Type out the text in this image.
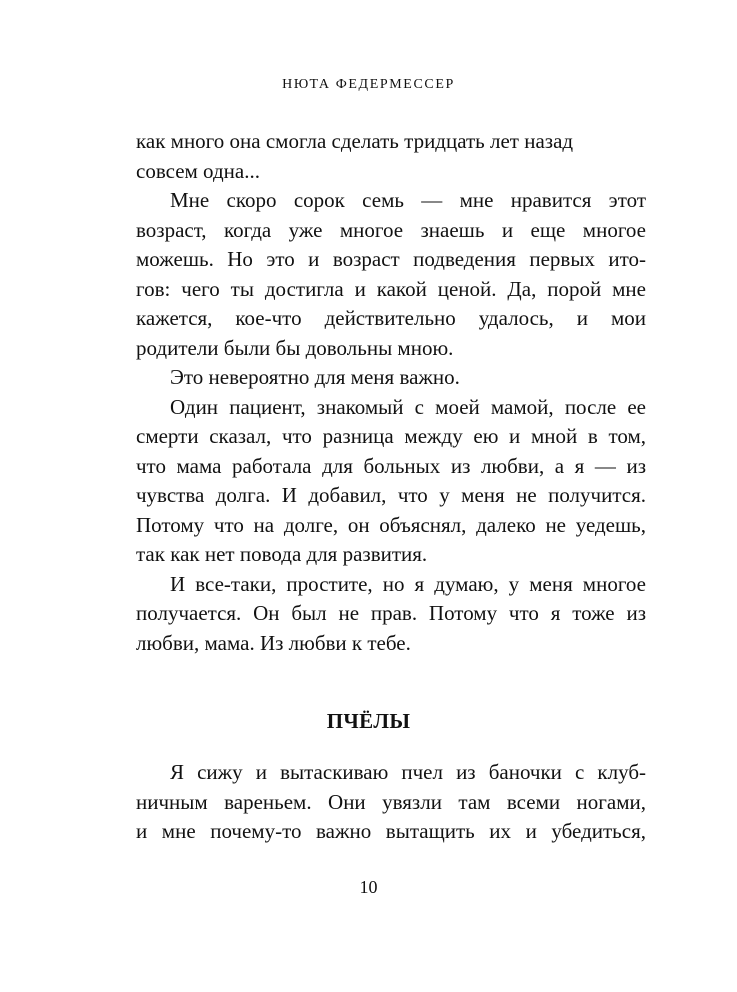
НЮТА ФЕДЕРМЕССЕР
как много она смогла сделать тридцать лет назад
совсем одна...
Мне скоро сорок семь — мне нравится этот
возраст, когда уже многое знаешь и еще многое
можешь. Но это и возраст подведения первых ито-
гов: чего ты достигла и какой ценой. Да, порой мне
кажется, кое-что действительно удалось, и мои
родители были бы довольны мною.
Это невероятно для меня важно.
Один пациент, знакомый с моей мамой, после ее
смерти сказал, что разница между ею и мной в том,
что мама работала для больных из любви, а я — из
чувства долга. И добавил, что у меня не получится.
Потому что на долге, он объяснял, далеко не уедешь,
так как нет повода для развития.
И все-таки, простите, но я думаю, у меня многое
получается. Он был не прав. Потому что я тоже из
любви, мама. Из любви к тебе.
ПЧЁЛЫ
Я сижу и вытаскиваю пчел из баночки с клуб-
ничным вареньем. Они увязли там всеми ногами,
и мне почему-то важно вытащить их и убедиться,
10
